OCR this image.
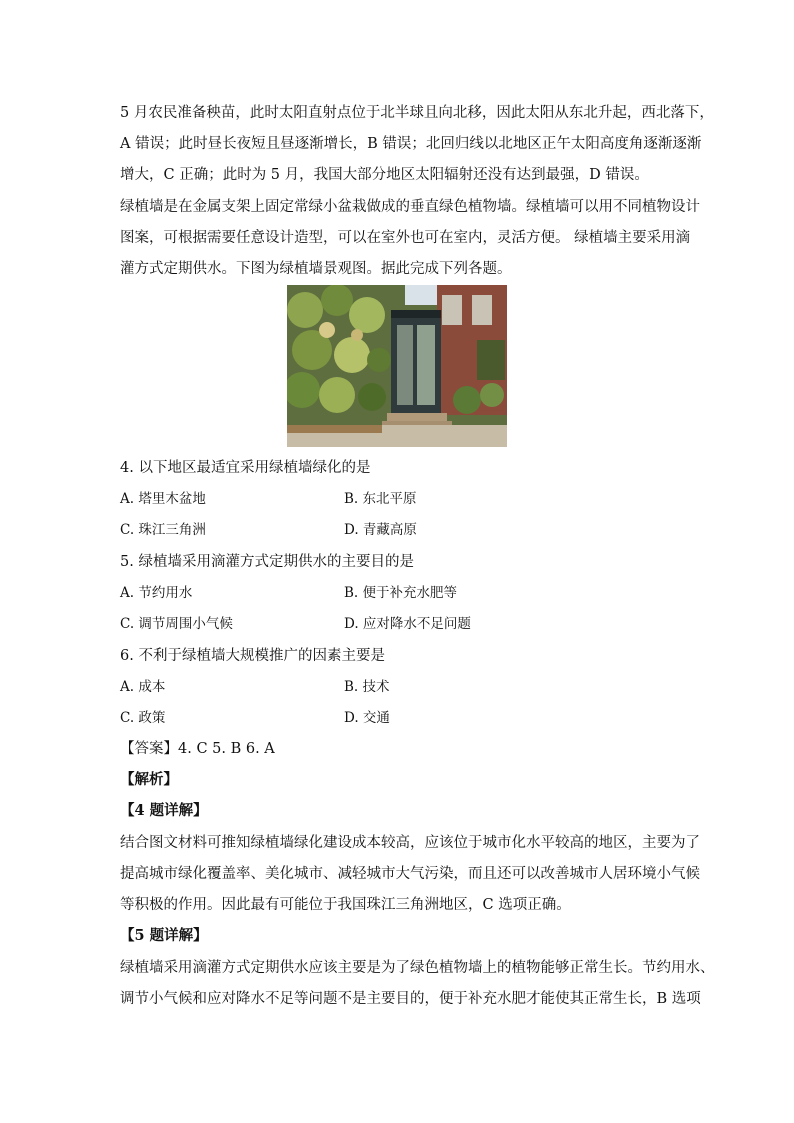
5 月农民准备秧苗，此时太阳直射点位于北半球且向北移，因此太阳从东北升起，西北落下，
A 错误；此时昼长夜短且昼逐渐增长，B 错误；北回归线以北地区正午太阳高度角逐渐逐渐
增大，C 正确；此时为 5 月，我国大部分地区太阳辐射还没有达到最强，D 错误。
绿植墙是在金属支架上固定常绿小盆栽做成的垂直绿色植物墙。绿植墙可以用不同植物设计
图案，可根据需要任意设计造型，可以在室外也可在室内，灵活方便。 绿植墙主要采用滴
灌方式定期供水。下图为绿植墙景观图。据此完成下列各题。
4. 以下地区最适宜采用绿植墙绿化的是
A. 塔里木盆地	B. 东北平原
C. 珠江三角洲	D. 青藏高原
5. 绿植墙采用滴灌方式定期供水的主要目的是
A. 节约用水	B. 便于补充水肥等
C. 调节周围小气候	D. 应对降水不足问题
6. 不利于绿植墙大规模推广的因素主要是
A. 成本	B. 技术
C. 政策	D. 交通
【答案】4. C 5. B 6. A
【解析】
【4 题详解】
结合图文材料可推知绿植墙绿化建设成本较高，应该位于城市化水平较高的地区，主要为了
提高城市绿化覆盖率、美化城市、减轻城市大气污染，而且还可以改善城市人居环境小气候
等积极的作用。因此最有可能位于我国珠江三角洲地区，C 选项正确。
【5 题详解】
绿植墙采用滴灌方式定期供水应该主要是为了绿色植物墙上的植物能够正常生长。节约用水、
调节小气候和应对降水不足等问题不是主要目的，便于补充水肥才能使其正常生长，B 选项
